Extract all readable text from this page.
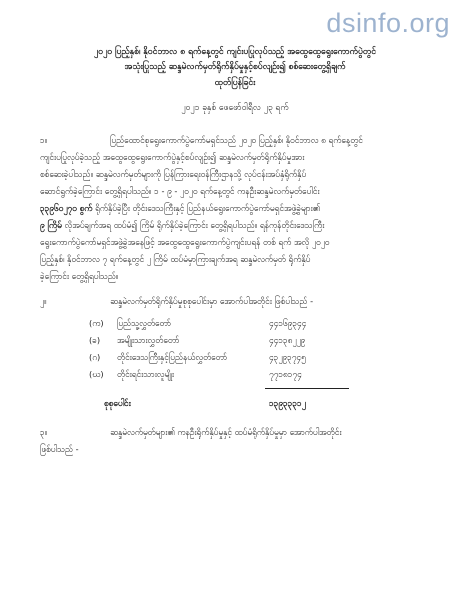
dsinfo.org
၂၀၂၀ ပြည့်နှစ်၊ နိုဝင်ဘာလ ၈ ရက်နေ့တွင် ကျင်းပပြုလုပ်သည့် အထွေထွေရွေးကောက်ပွဲတွင်
အသုံးပြုသည့် ဆန္ဒမဲလက်မှတ်ရိုက်နှိပ်မှုနှင့်စပ်လျဉ်း၍ စစ်ဆေးတွေ့ရှိချက်
ထုတ်ပြန်ခြင်း
၂၀၂၁ ခုနှစ် ဖေဖော်ဝါရီလ ၂၃ ရက်
၁။	ပြည်ထောင်စုရွေးကောက်ပွဲကော်မရှင်သည် ၂၀၂၀ ပြည့်နှစ်၊ နိုဝင်ဘာလ ၈ ရက်နေ့တွင်
ကျင်းပပြုလုပ်ခဲ့သည့် အထွေထွေရွေးကောက်ပွဲနှင့်စပ်လျဉ်း၍ ဆန္ဒမဲလက်မှတ်ရိုက်နှိပ်မှုအား
စစ်ဆေးခဲ့ပါသည်။ ဆန္ဒမဲလက်မှတ်များကို ပြန်ကြားရေးဝန်ကြီးဌာနသို့ လုပ်ငန်းအပ်နှံရိုက်နှိပ်
ဆောင်ရွက်ခဲ့ကြောင်း တွေ့ရှိရပါသည်။ ၁ - ၉ - ၂၀၂၀ ရက်နေ့တွင် ကနဦးဆန္ဒမဲလက်မှတ်ပေါင်း
၃၃၉၆၀၂၇၀ စွက် ရိုက်နှိပ်ခဲ့ပြီး တိုင်းဒေသကြီးနှင့် ပြည်နယ်ရွေးကောက်ပွဲကော်မရှင်အဖွဲ့ခွဲများ၏
၉ ကြိမ် လိုအပ်ချက်အရ ထပ်မံ၍ ကြိမ် ရိုက်နှိပ်ခဲ့ကြောင်း တွေ့ရှိရပါသည်။ ရန်ကုန်တိုင်းဒေသကြီး
ရွေးကောက်ပွဲကော်မရှင်အဖွဲ့ခွဲအနေဖြင့် အထွေထွေရွေးကောက်ပွဲကျင်းပရန် တစ် ရက် အလို ၂၀၂၀
ပြည့်နှစ်၊ နိုဝင်ဘာလ ၇ ရက်နေ့တွင် ၂ ကြိမ် ထပ်မံမှာကြားချက်အရ ဆန္ဒမဲလက်မှတ် ရိုက်နှိပ်
ခဲ့ကြောင်း တွေ့ရှိရပါသည်။
၂။	ဆန္ဒမဲလက်မှတ်ရိုက်နှိပ်မှုစုစုပေါင်းမှာ အောက်ပါအတိုင်း ဖြစ်ပါသည် -
(က) ပြည်သူ့လွှတ်တော်	၄၄၁၆၉၃၄၄
(ခ) အမျိုးသားလွှတ်တော်	၄၄၁၃၈၂၂၉
(ဂ) တိုင်းဒေသကြီးနှင့်ပြည်နယ်လွှတ်တော်	၄၃၂၉၃၇၄၅
(ဃ) တိုင်းရင်းသားလူမျိုး	၇၇၁၈၁၇၄
စုစုပေါင်း	၁၃၉၃၃၃၁၂
၃။	ဆန္ဒမဲလက်မှတ်များ၏ ကနဦးရိုက်နှိပ်မှုနှင့် ထပ်မံရိုက်နှိပ်မှုမှာ အောက်ပါအတိုင်း
ဖြစ်ပါသည် -
